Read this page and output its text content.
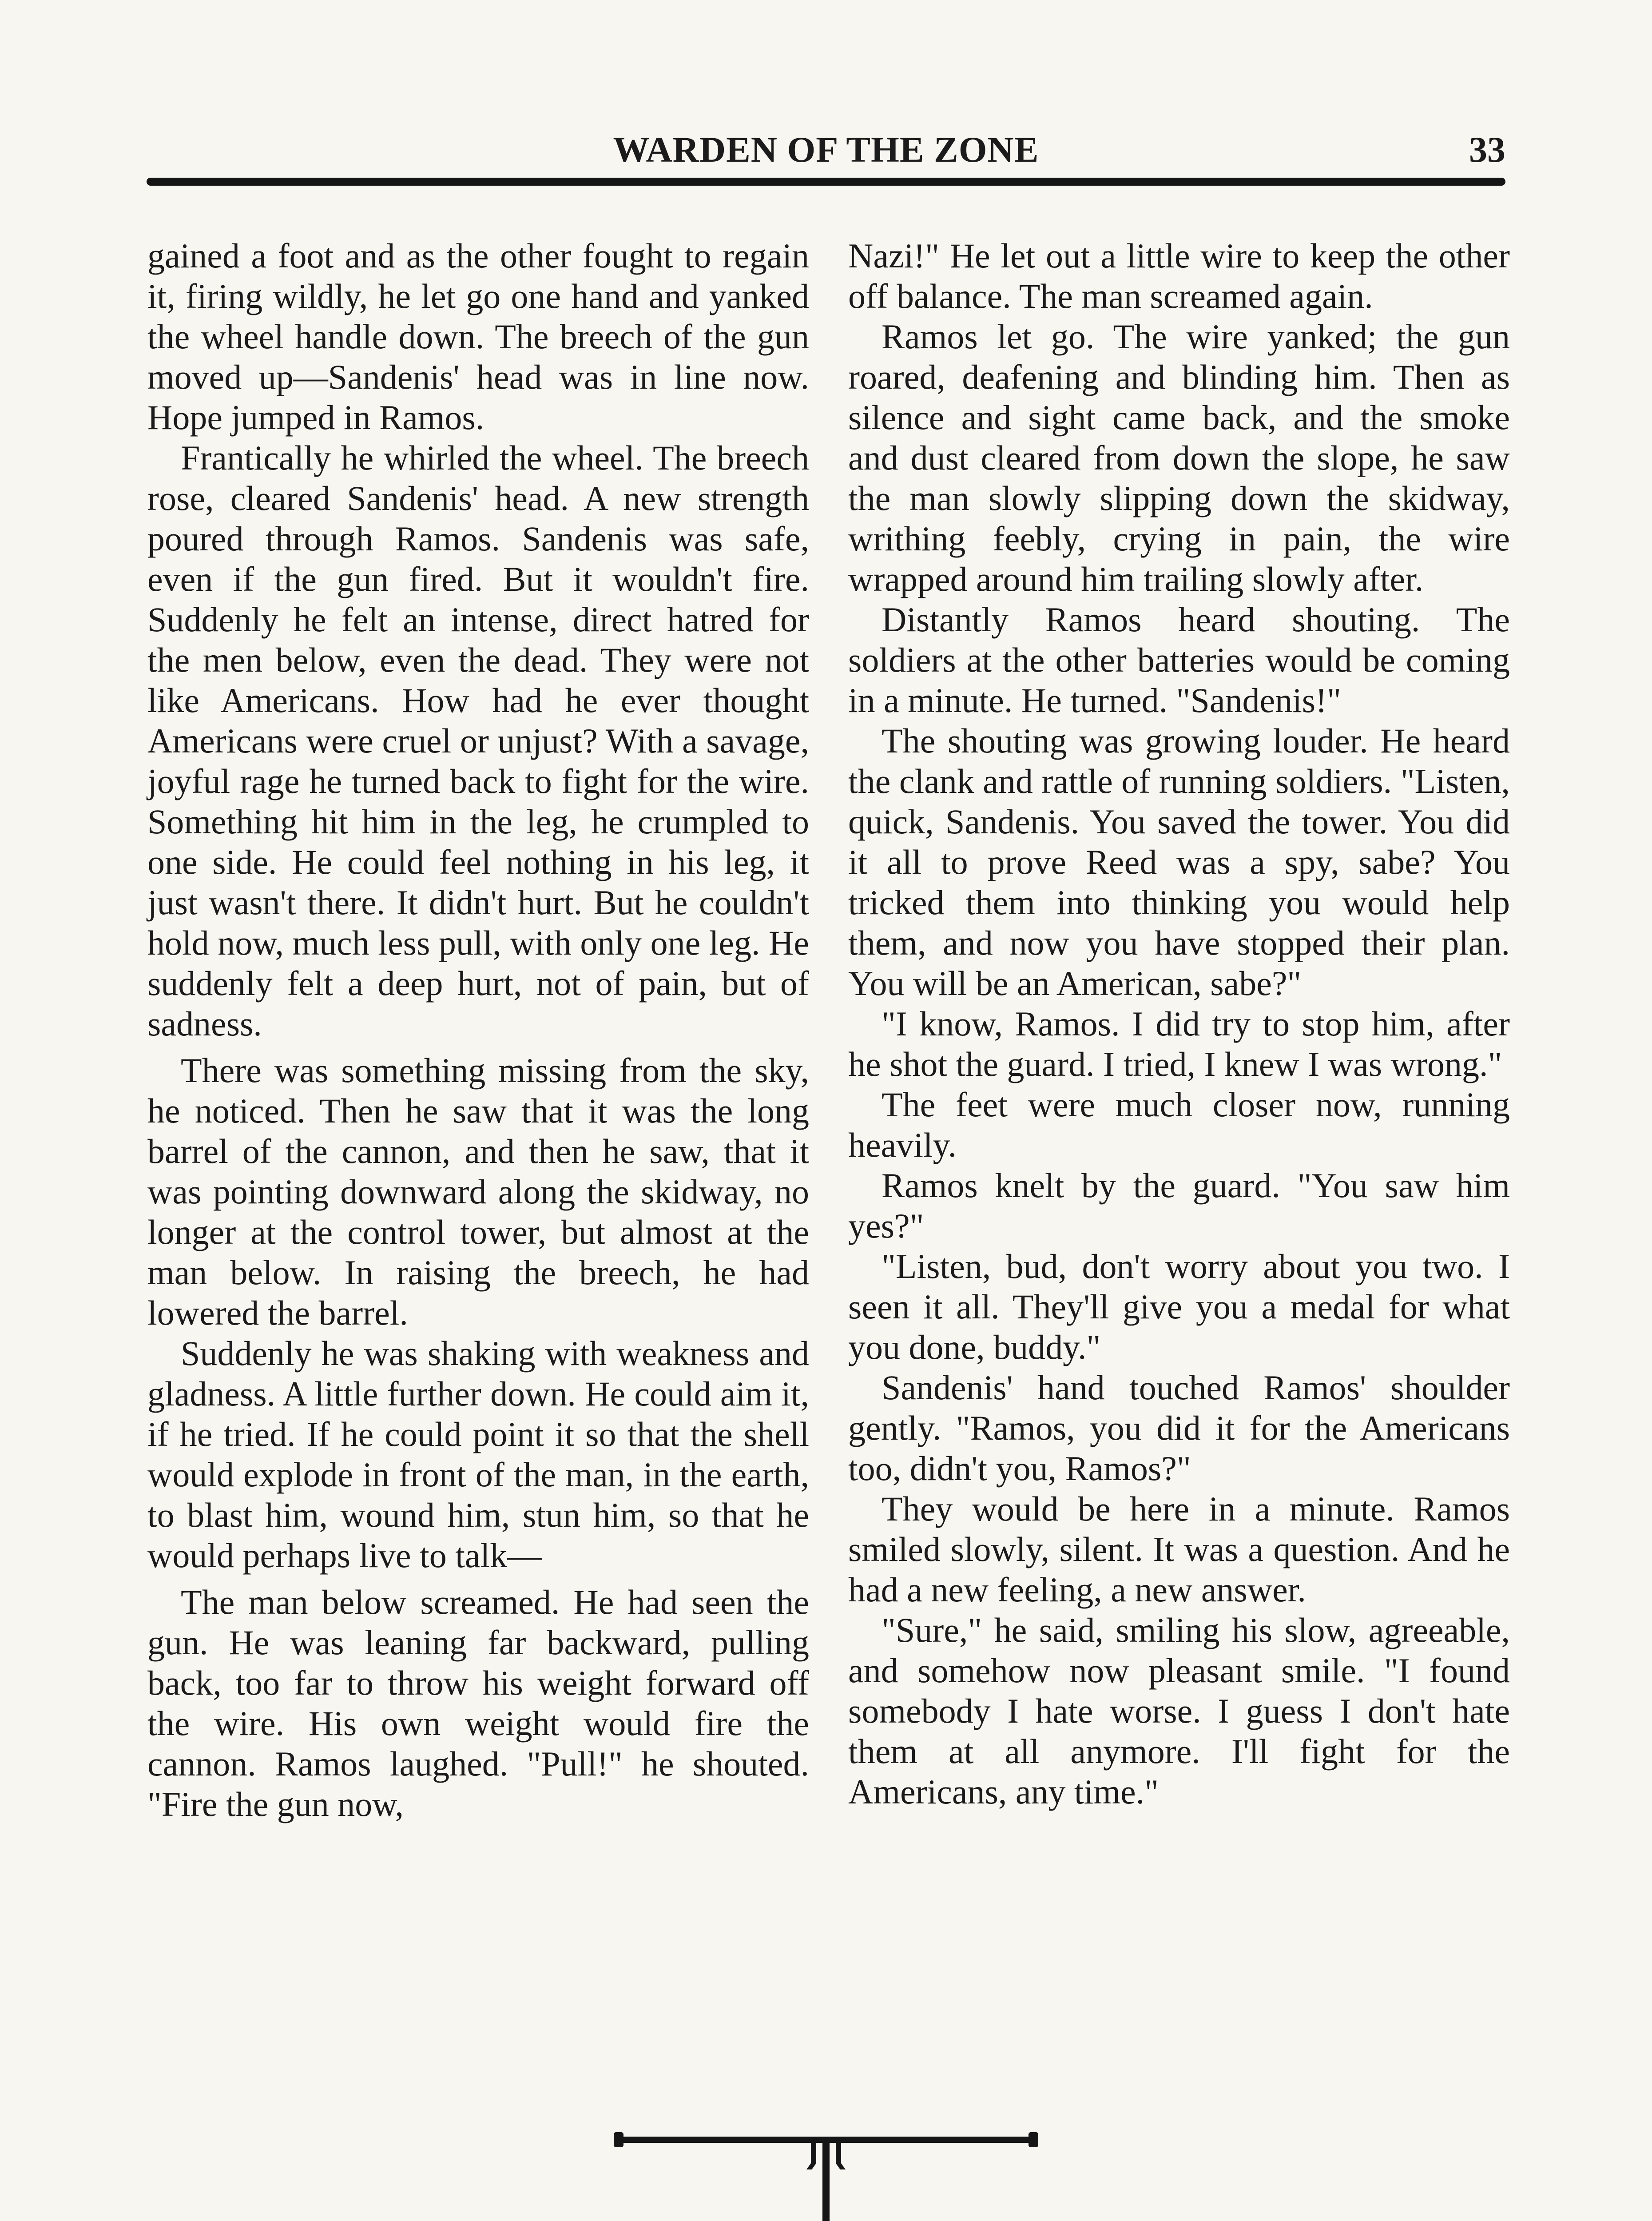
WARDEN OF THE ZONE	33

gained a foot and as the other fought to regain it, firing wildly, he let go one hand and yanked the wheel handle down. The breech of the gun moved up—Sandenis' head was in line now. Hope jumped in Ramos.

Frantically he whirled the wheel. The breech rose, cleared Sandenis' head. A new strength poured through Ramos. Sandenis was safe, even if the gun fired. But it wouldn't fire. Suddenly he felt an intense, direct hatred for the men below, even the dead. They were not like Americans. How had he ever thought Americans were cruel or unjust? With a savage, joyful rage he turned back to fight for the wire. Something hit him in the leg, he crumpled to one side. He could feel nothing in his leg, it just wasn't there. It didn't hurt. But he couldn't hold now, much less pull, with only one leg. He suddenly felt a deep hurt, not of pain, but of sadness.

There was something missing from the sky, he noticed. Then he saw that it was the long barrel of the cannon, and then he saw, that it was pointing downward along the skidway, no longer at the control tower, but almost at the man below. In raising the breech, he had lowered the barrel.

Suddenly he was shaking with weakness and gladness. A little further down. He could aim it, if he tried. If he could point it so that the shell would explode in front of the man, in the earth, to blast him, wound him, stun him, so that he would perhaps live to talk—

The man below screamed. He had seen the gun. He was leaning far backward, pulling back, too far to throw his weight forward off the wire. His own weight would fire the cannon. Ramos laughed. "Pull!" he shouted. "Fire the gun now,

Nazi!" He let out a little wire to keep the other off balance. The man screamed again.

Ramos let go. The wire yanked; the gun roared, deafening and blinding him. Then as silence and sight came back, and the smoke and dust cleared from down the slope, he saw the man slowly slipping down the skidway, writhing feebly, crying in pain, the wire wrapped around him trailing slowly after.

Distantly Ramos heard shouting. The soldiers at the other batteries would be coming in a minute. He turned. "Sandenis!"

The shouting was growing louder. He heard the clank and rattle of running soldiers. "Listen, quick, Sandenis. You saved the tower. You did it all to prove Reed was a spy, sabe? You tricked them into thinking you would help them, and now you have stopped their plan. You will be an American, sabe?"

"I know, Ramos. I did try to stop him, after he shot the guard. I tried, I knew I was wrong."

The feet were much closer now, running heavily.

Ramos knelt by the guard. "You saw him yes?"

"Listen, bud, don't worry about you two. I seen it all. They'll give you a medal for what you done, buddy."

Sandenis' hand touched Ramos' shoulder gently. "Ramos, you did it for the Americans too, didn't you, Ramos?"

They would be here in a minute. Ramos smiled slowly, silent. It was a question. And he had a new feeling, a new answer.

"Sure," he said, smiling his slow, agreeable, and somehow now pleasant smile. "I found somebody I hate worse. I guess I don't hate them at all anymore. I'll fight for the Americans, any time."
